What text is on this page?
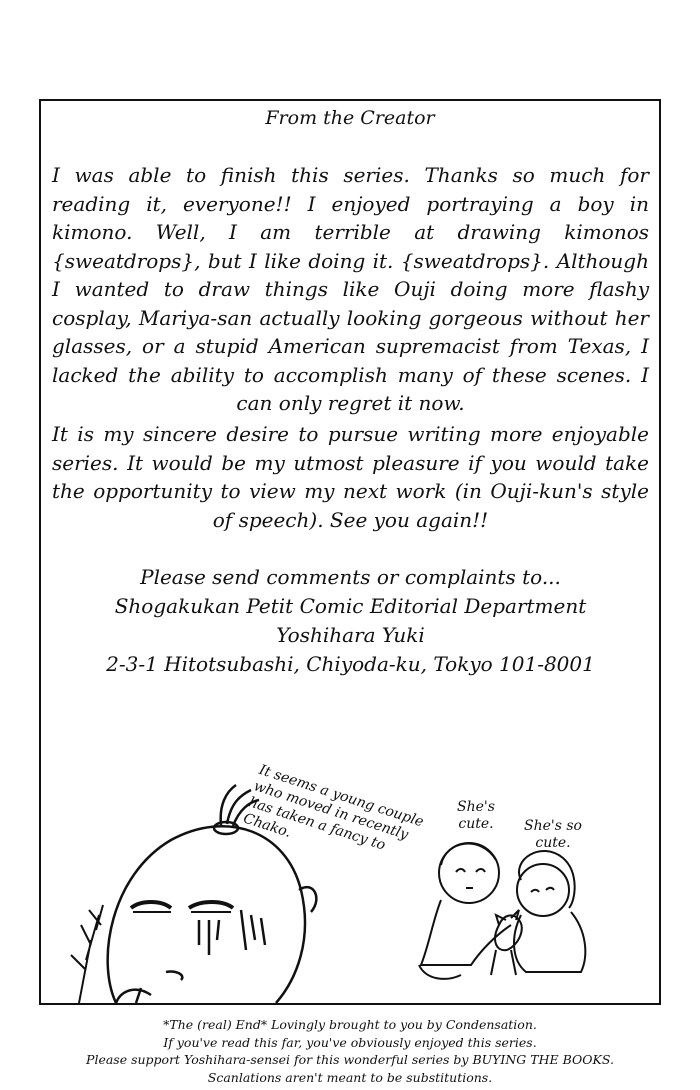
From the Creator

I was able to finish this series. Thanks so much for reading it, everyone!! I enjoyed portraying a boy in kimono. Well, I am terrible at drawing kimonos {sweatdrops}, but I like doing it. {sweatdrops}. Although I wanted to draw things like Ouji doing more flashy cosplay, Mariya-san actually looking gorgeous without her glasses, or a stupid American supremacist from Texas, I lacked the ability to accomplish many of these scenes. I can only regret it now.

It is my sincere desire to pursue writing more enjoyable series. It would be my utmost pleasure if you would take the opportunity to view my next work (in Ouji-kun's style of speech). See you again!!

Please send comments or complaints to...
Shogakukan Petit Comic Editorial Department
Yoshihara Yuki
2-3-1 Hitotsubashi, Chiyoda-ku, Tokyo 101-8001
It seems a young couple who moved in recently has taken a fancy to Chako.
She's cute.	She's so cute.
*The (real) End* Lovingly brought to you by Condensation.
If you've read this far, you've obviously enjoyed this series.
Please support Yoshihara-sensei for this wonderful series by BUYING THE BOOKS.
Scanlations aren't meant to be substitutions.
